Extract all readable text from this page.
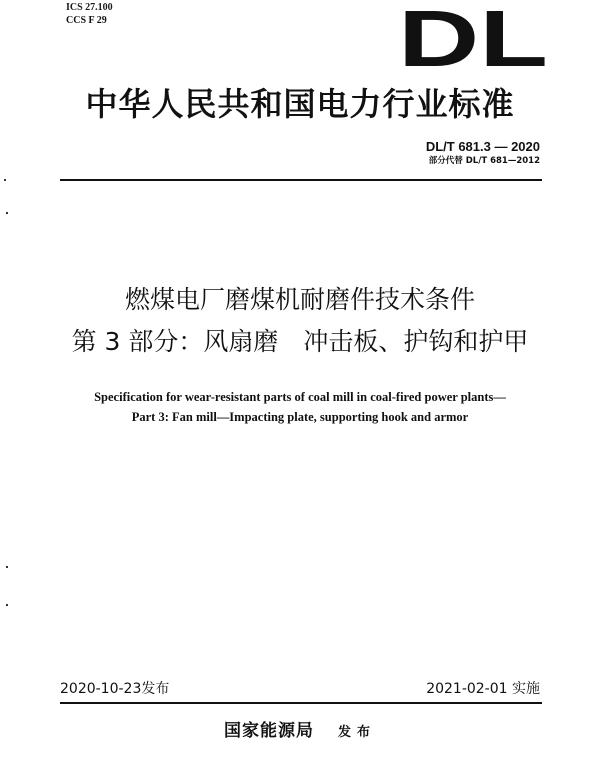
ICS 27.100
CCS F 29	DL
中华人民共和国电力行业标准
DL/T 681.3 — 2020
部分代替 DL/T 681—2012
燃煤电厂磨煤机耐磨件技术条件
第 3 部分：风扇磨　冲击板、护钩和护甲
Specification for wear-resistant parts of coal mill in coal-fired power plants—
Part 3: Fan mill—Impacting plate, supporting hook and armor
2020-10-23发布	2021-02-01 实施
国家能源局 发布
